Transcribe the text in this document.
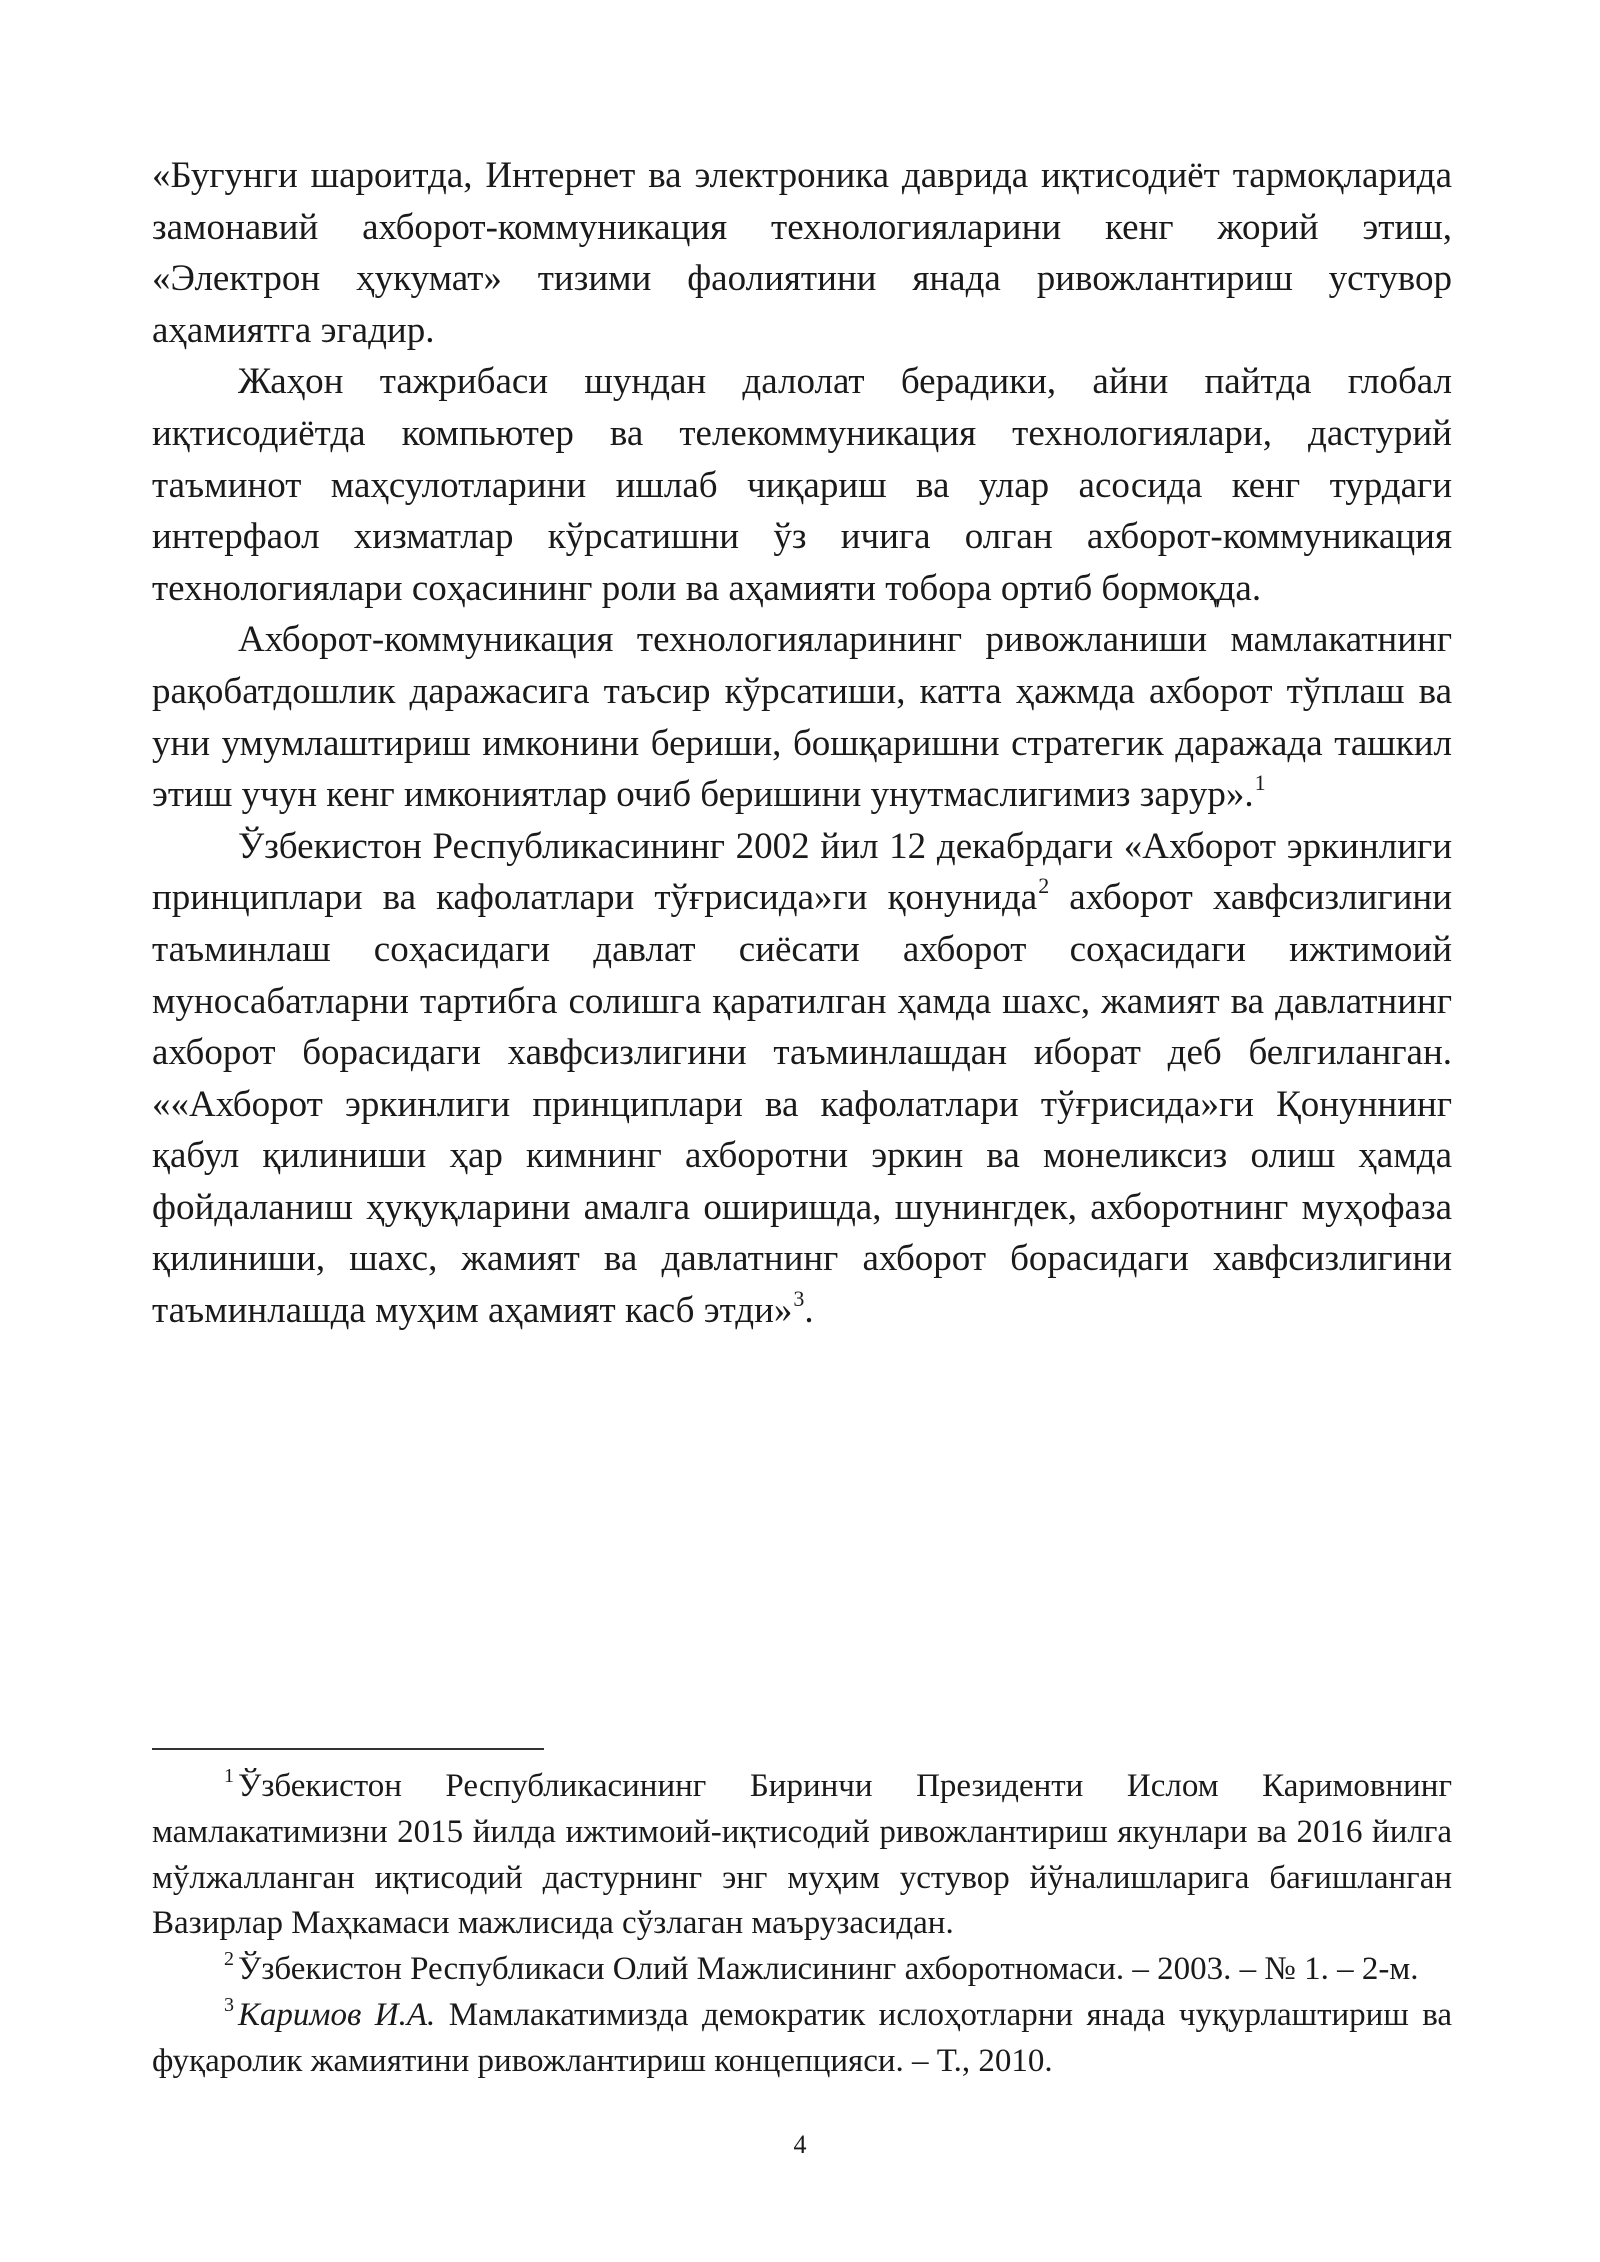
«Бугунги шароитда, Интернет ва электроника даврида иқтисодиёт тармоқларида замонавий ахборот-коммуникация технологияларини кенг жорий этиш, «Электрон ҳукумат» тизими фаолиятини янада ривожлантириш устувор аҳамиятга эгадир.

Жаҳон тажрибаси шундан далолат берадики, айни пайтда глобал иқтисодиётда компьютер ва телекоммуникация технологиялари, дастурий таъминот маҳсулотларини ишлаб чиқариш ва улар асосида кенг турдаги интерфаол хизматлар кўрсатишни ўз ичига олган ахборот-коммуникация технологиялари соҳасининг роли ва аҳамияти тобора ортиб бормоқда.

Ахборот-коммуникация технологияларининг ривожланиши мамлакатнинг рақобатдошлик даражасига таъсир кўрсатиши, катта ҳажмда ахборот тўплаш ва уни умумлаштириш имконини бериши, бошқаришни стратегик даражада ташкил этиш учун кенг имкониятлар очиб беришини унутмаслигимиз зарур».$^1$

Ўзбекистон Республикасининг 2002 йил 12 декабрдаги «Ахборот эркинлиги принциплари ва кафолатлари тўғрисида»ги қонунида$^2$ ахборот хавфсизлигини таъминлаш соҳасидаги давлат сиёсати ахборот соҳасидаги ижтимоий муносабатларни тартибга солишга қаратилган ҳамда шахс, жамият ва давлатнинг ахборот борасидаги хавфсизлигини таъминлашдан иборат деб белгиланган. ««Ахборот эркинлиги принциплари ва кафолатлари тўғрисида»ги Қонуннинг қабул қилиниши ҳар кимнинг ахборотни эркин ва монеликсиз олиш ҳамда фойдаланиш ҳуқуқларини амалга оширишда, шунингдек, ахборотнинг муҳофаза қилиниши, шахс, жамият ва давлатнинг ахборот борасидаги хавфсизлигини таъминлашда муҳим аҳамият касб этди»$^3$.

$^1$ Ўзбекистон Республикасининг Биринчи Президенти Ислом Каримовнинг мамлакатимизни 2015 йилда ижтимоий-иқтисодий ривожлантириш якунлари ва 2016 йилга мўлжалланган иқтисодий дастурнинг энг муҳим устувор йўналишларига бағишланган Вазирлар Маҳкамаси мажлисида сўзлаган маърузасидан.

$^2$ Ўзбекистон Республикаси Олий Мажлисининг ахборотномаси. – 2003. – № 1. – 2-м.

$^3$ Каримов И.А. Мамлакатимизда демократик ислоҳотларни янада чуқурлаштириш ва фуқаролик жамиятини ривожлантириш концепцияси. – Т., 2010.

4
